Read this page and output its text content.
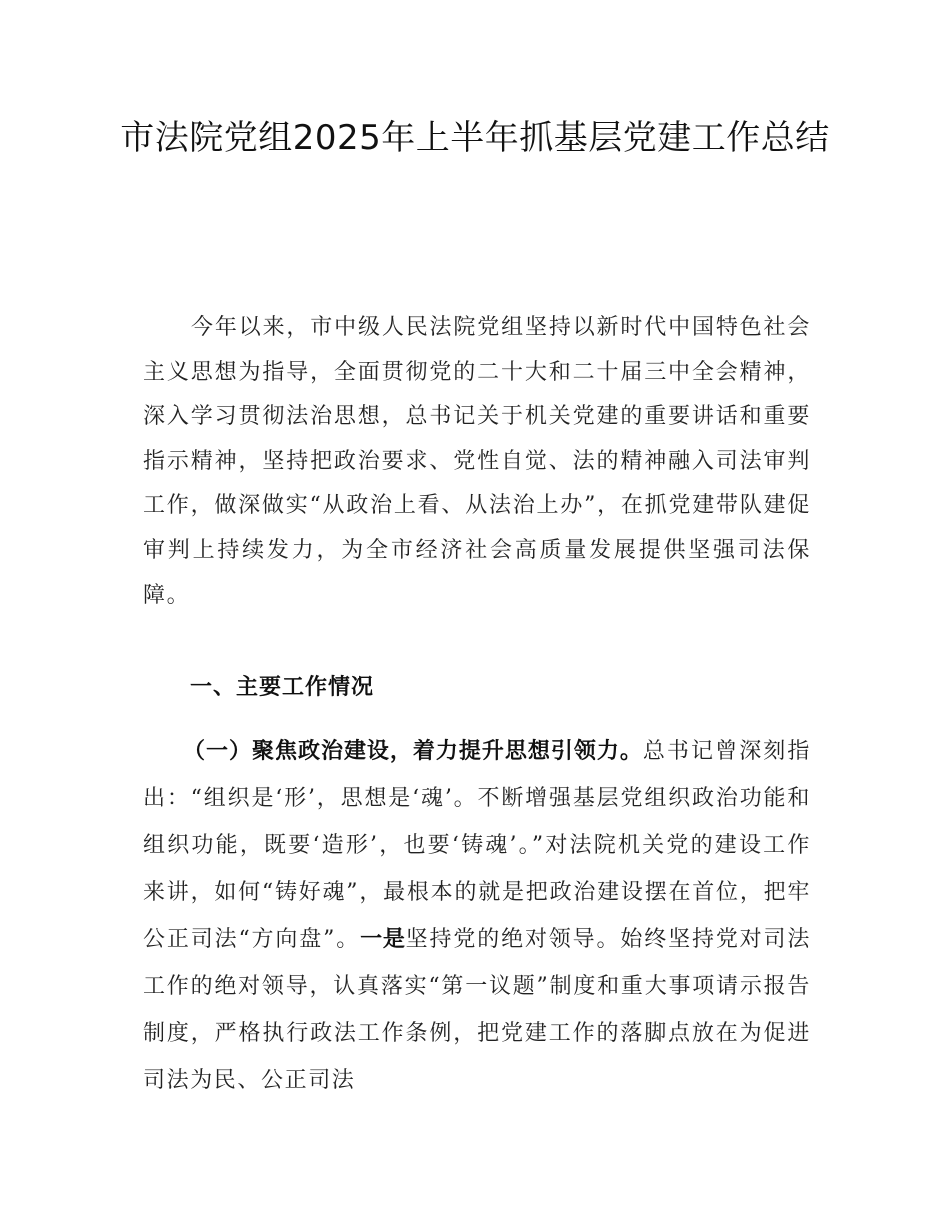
市法院党组2025年上半年抓基层党建工作总结

今年以来，市中级人民法院党组坚持以新时代中国特色社会主义思想为指导，全面贯彻党的二十大和二十届三中全会精神，深入学习贯彻法治思想，总书记关于机关党建的重要讲话和重要指示精神，坚持把政治要求、党性自觉、法的精神融入司法审判工作，做深做实“从政治上看、从法治上办”，在抓党建带队建促审判上持续发力，为全市经济社会高质量发展提供坚强司法保障。

一、主要工作情况

（一）聚焦政治建设，着力提升思想引领力。总书记曾深刻指出：“组织是‘形’，思想是‘魂’。不断增强基层党组织政治功能和组织功能，既要‘造形’，也要‘铸魂’。”对法院机关党的建设工作来讲，如何“铸好魂”，最根本的就是把政治建设摆在首位，把牢公正司法“方向盘”。一是坚持党的绝对领导。始终坚持党对司法工作的绝对领导，认真落实“第一议题”制度和重大事项请示报告制度，严格执行政法工作条例，把党建工作的落脚点放在为促进司法为民、公正司法
